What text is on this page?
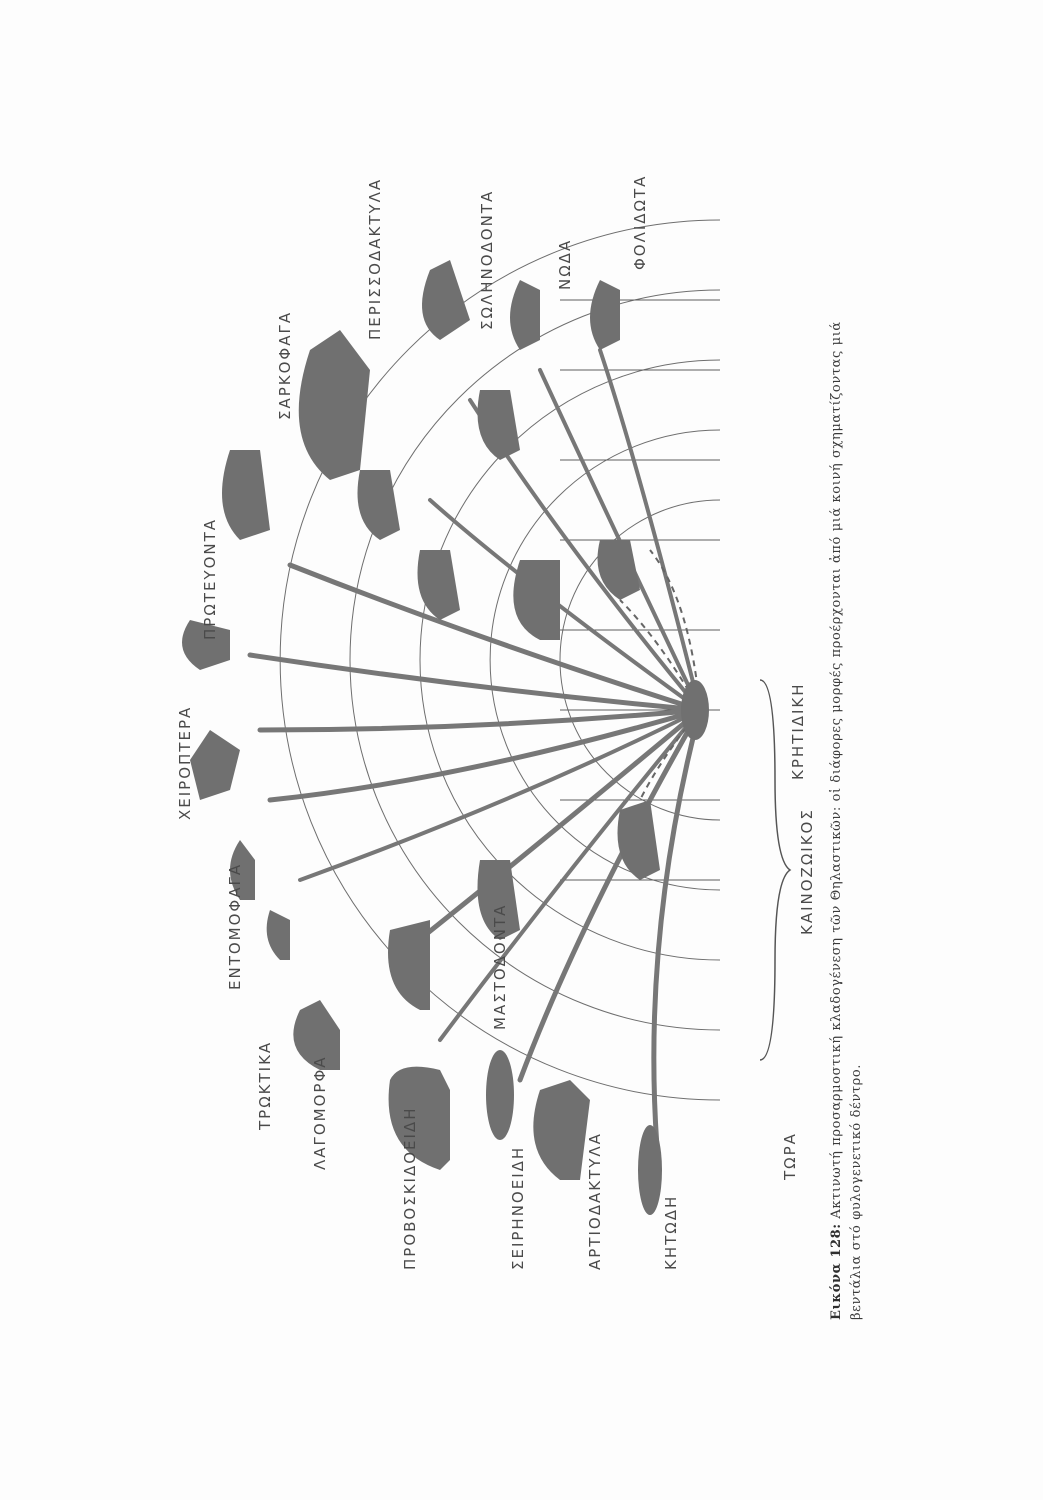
ΚΗΤΩΔΗ
ΑΡΤΙΟΔΑΚΤΥΛΑ
ΣΕΙΡΗΝΟΕΙΔΗ
ΠΡΟΒΟΣΚΙΔΟΕΙΔΗ
ΛΑΓΟΜΟΡΦΑ
ΤΡΩΚΤΙΚΑ
ΕΝΤΟΜΟΦΑΓΑ	ΜΑΣΤΟΔΟΝΤΑ
ΧΕΙΡΟΠΤΕΡΑ
ΠΡΩΤΕΥΟΝΤΑ
ΣΑΡΚΟΦΑΓΑ
ΠΕΡΙΣΣΟΔΑΚΤΥΛΑ	ΣΩΛΗΝΟΔΟΝΤΑ	ΝΩΔΑ	ΦΟΛΙΔΩΤΑ
ΤΩΡΑ
ΚΑΙΝΟΖΩΙΚΟΣ
ΚΡΗΤΙΔΙΚΗ
Εικόνα 128: Ακτινωτή προσαρμοστική κλαδογένεση τῶν Θηλαστικῶν: οἱ διάφορες μορφές προέρχονται ἀπό μιά κοινή σχηματίζοντας μιά βεντάλια στό φυλογενετικό δέντρο.
